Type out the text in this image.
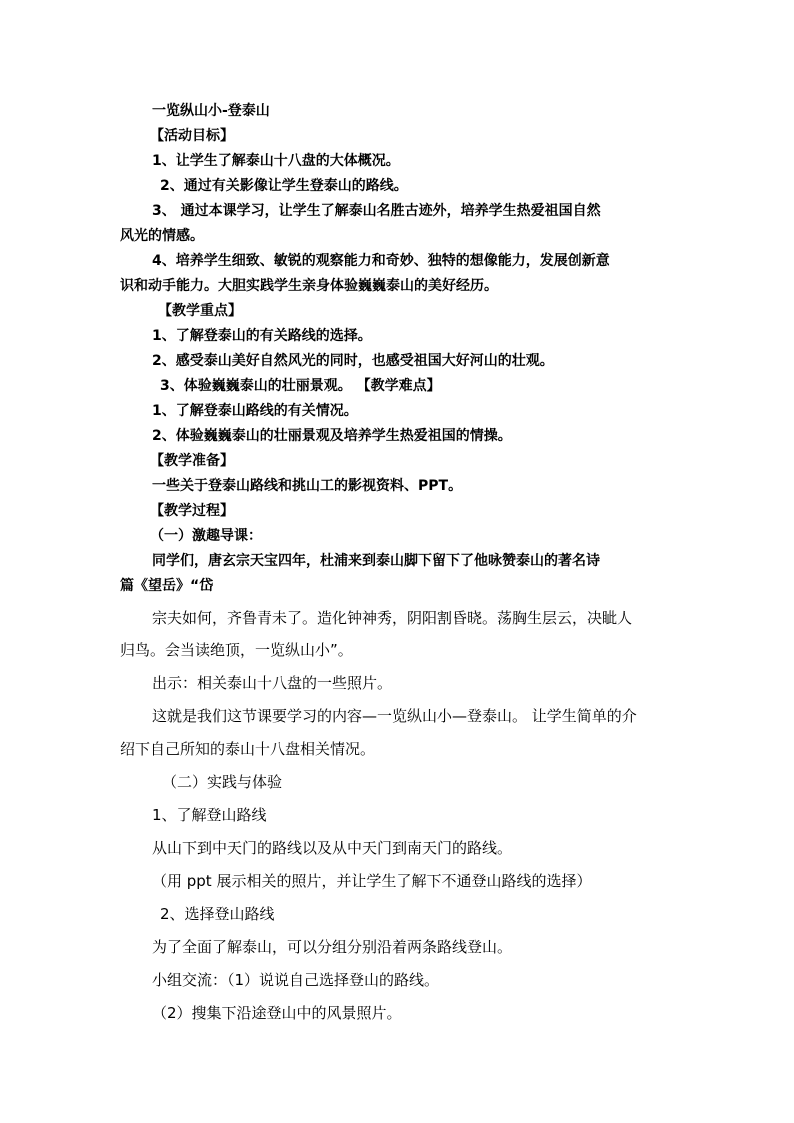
一览纵山小-登泰山
【活动目标】
1、让学生了解泰山十八盘的大体概况。
2、通过有关影像让学生登泰山的路线。
3、 通过本课学习，让学生了解泰山名胜古迹外，培养学生热爱祖国自然
风光的情感。
4、培养学生细致、敏锐的观察能力和奇妙、独特的想像能力，发展创新意
识和动手能力。大胆实践学生亲身体验巍巍泰山的美好经历。
【教学重点】
1、了解登泰山的有关路线的选择。
2、感受泰山美好自然风光的同时，也感受祖国大好河山的壮观。
3、体验巍巍泰山的壮丽景观。 【教学难点】
1、了解登泰山路线的有关情况。
2、体验巍巍泰山的壮丽景观及培养学生热爱祖国的情操。
【教学准备】
一些关于登泰山路线和挑山工的影视资料、PPT。
【教学过程】
（一）激趣导课：
同学们，唐玄宗天宝四年，杜浦来到泰山脚下留下了他咏赞泰山的著名诗
篇《望岳》“岱
宗夫如何，齐鲁青未了。造化钟神秀，阴阳割昏晓。荡胸生层云，决眦人
归鸟。会当读绝顶，一览纵山小”。
出示：相关泰山十八盘的一些照片。
这就是我们这节课要学习的内容—一览纵山小—登泰山。 让学生简单的介
绍下自己所知的泰山十八盘相关情况。
（二）实践与体验
1、了解登山路线
从山下到中天门的路线以及从中天门到南天门的路线。
（用 ppt 展示相关的照片，并让学生了解下不通登山路线的选择）
2、选择登山路线
为了全面了解泰山，可以分组分别沿着两条路线登山。
小组交流：（1）说说自己选择登山的路线。
（2）搜集下沿途登山中的风景照片。
